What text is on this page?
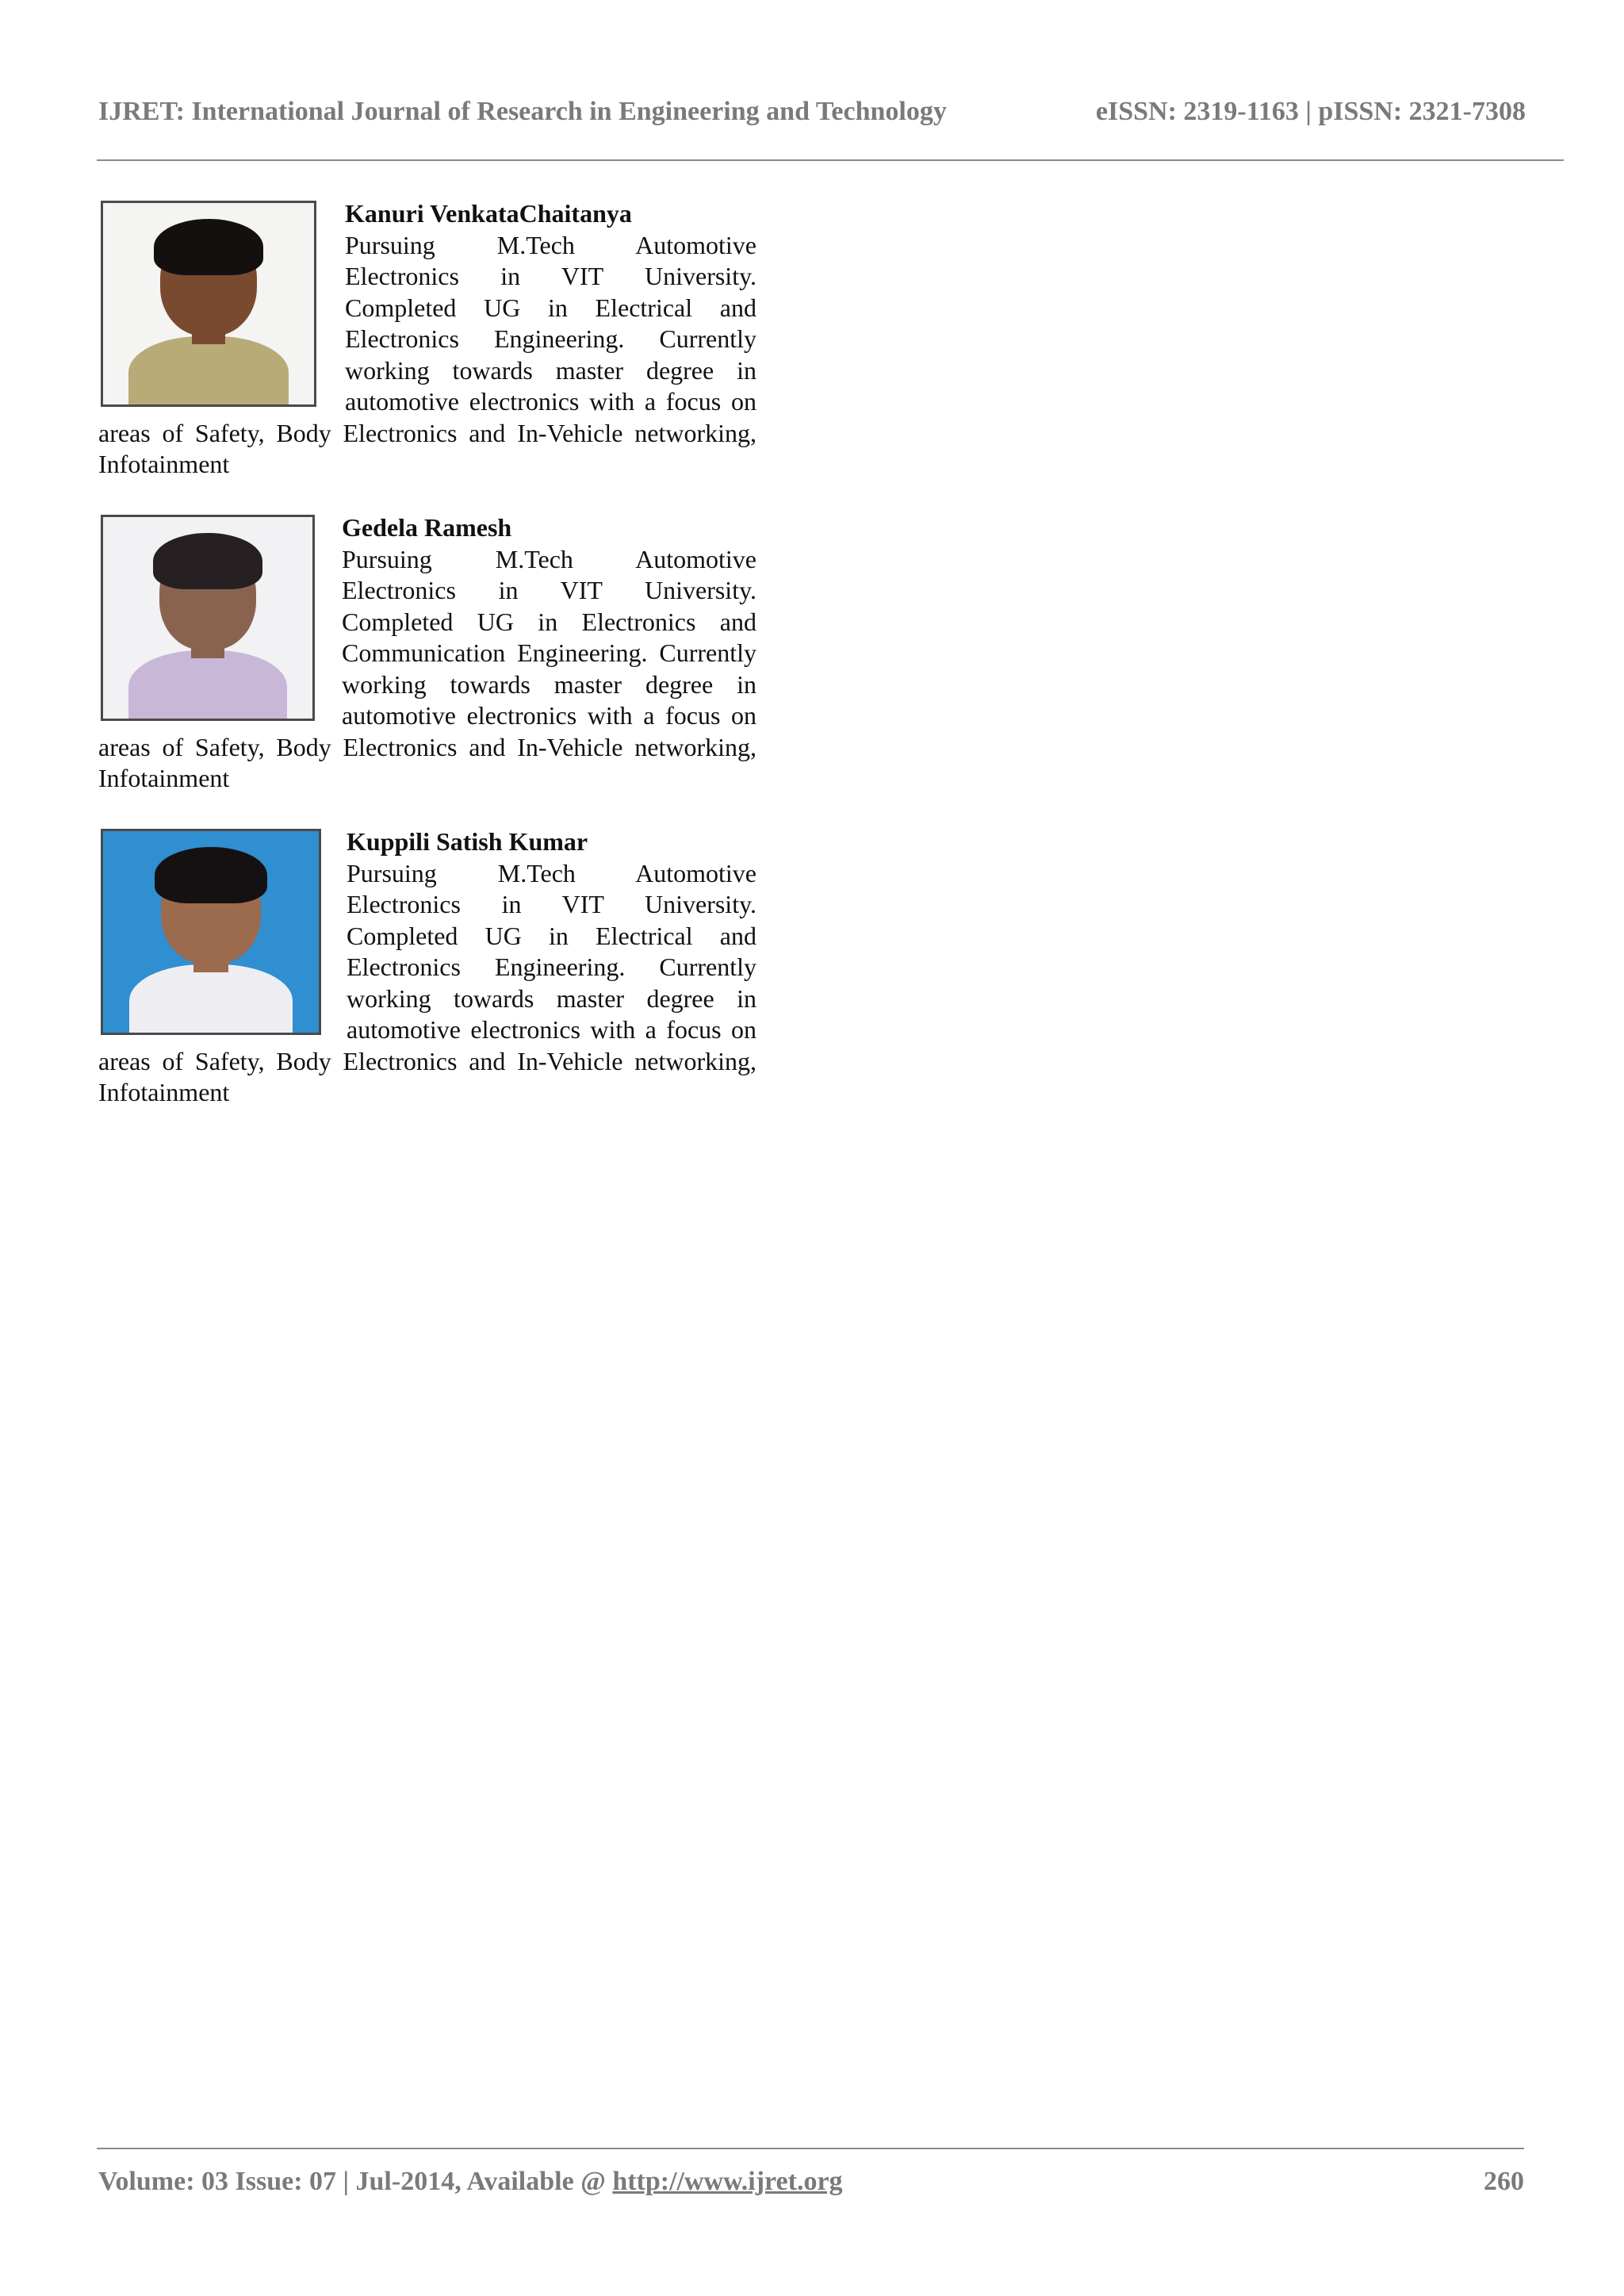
IJRET: International Journal of Research in Engineering and Technology	eISSN: 2319-1163 | pISSN: 2321-7308
Kanuri VenkataChaitanya

Pursuing M.Tech Automotive Electronics in VIT University. Completed UG in Electrical and Electronics Engineering. Currently working towards master degree in automotive electronics with a focus on areas of Safety, Body Electronics and In-Vehicle networking, Infotainment

Gedela Ramesh

Pursuing M.Tech Automotive Electronics in VIT University. Completed UG in Electronics and Communication Engineering. Currently working towards master degree in automotive electronics with a focus on areas of Safety, Body Electronics and In-Vehicle networking, Infotainment

Kuppili Satish Kumar

Pursuing M.Tech Automotive Electronics in VIT University. Completed UG in Electrical and Electronics Engineering. Currently working towards master degree in automotive electronics with a focus on areas of Safety, Body Electronics and In-Vehicle networking, Infotainment

Volume: 03 Issue: 07 | Jul-2014, Available @ http://www.ijret.org	260
